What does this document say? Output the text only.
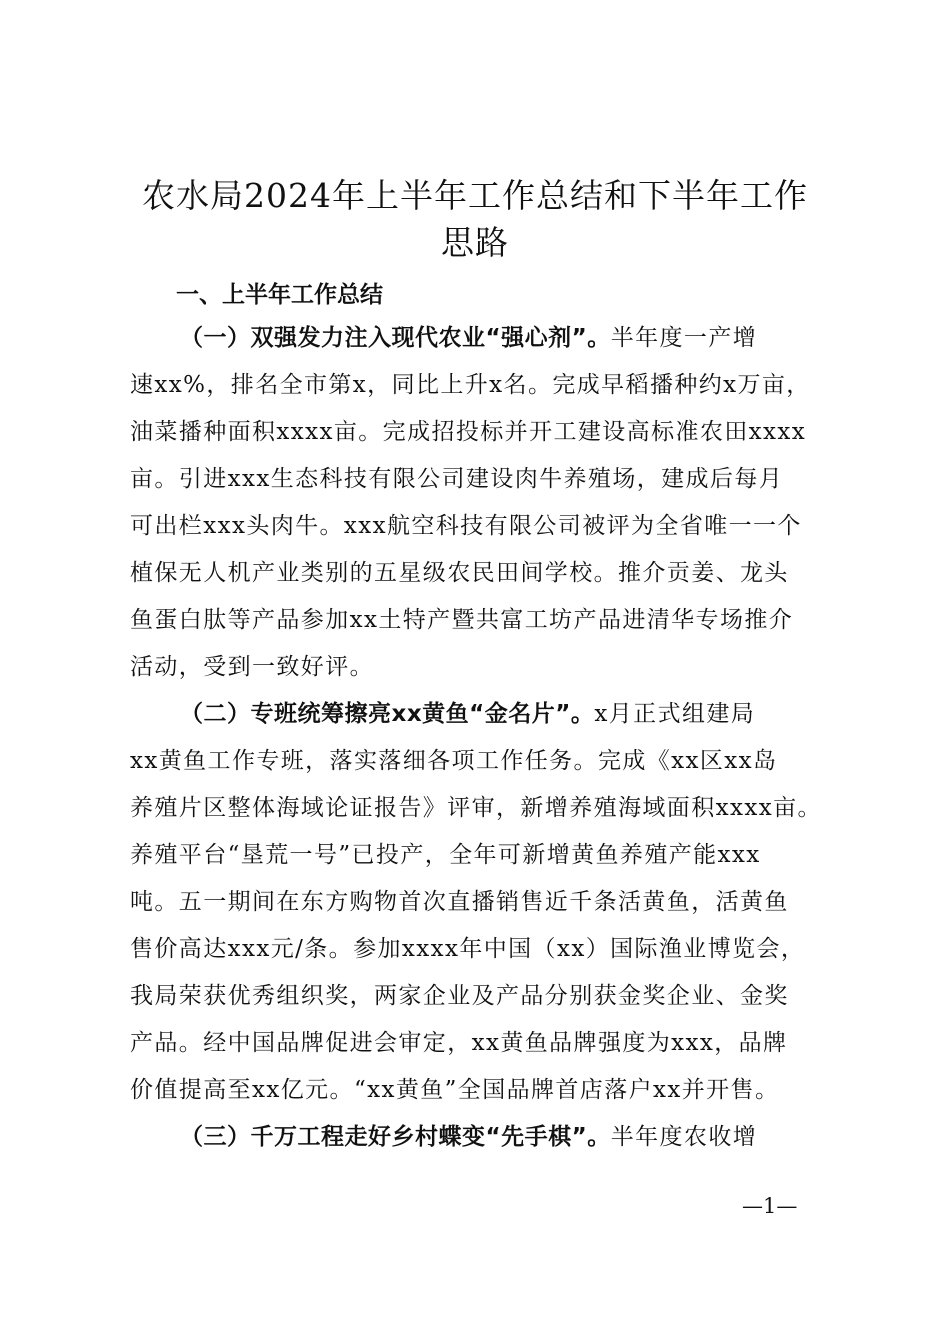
农水局2024年上半年工作总结和下半年工作
思路
一、上半年工作总结
（一）双强发力注入现代农业“强心剂”。半年度一产增
速xx%，排名全市第x，同比上升x名。完成早稻播种约x万亩，
油菜播种面积xxxx亩。完成招投标并开工建设高标准农田xxxx
亩。引进xxx生态科技有限公司建设肉牛养殖场，建成后每月
可出栏xxx头肉牛。xxx航空科技有限公司被评为全省唯一一个
植保无人机产业类别的五星级农民田间学校。推介贡姜、龙头
鱼蛋白肽等产品参加xx土特产暨共富工坊产品进清华专场推介
活动，受到一致好评。
（二）专班统筹擦亮xx黄鱼“金名片”。x月正式组建局
xx黄鱼工作专班，落实落细各项工作任务。完成《xx区xx岛
养殖片区整体海域论证报告》评审，新增养殖海域面积xxxx亩。
养殖平台“垦荒一号”已投产，全年可新增黄鱼养殖产能xxx
吨。五一期间在东方购物首次直播销售近千条活黄鱼，活黄鱼
售价高达xxx元/条。参加xxxx年中国（xx）国际渔业博览会，
我局荣获优秀组织奖，两家企业及产品分别获金奖企业、金奖
产品。经中国品牌促进会审定，xx黄鱼品牌强度为xxx，品牌
价值提高至xx亿元。“xx黄鱼”全国品牌首店落户xx并开售。
（三）千万工程走好乡村蝶变“先手棋”。半年度农收增
—1—
